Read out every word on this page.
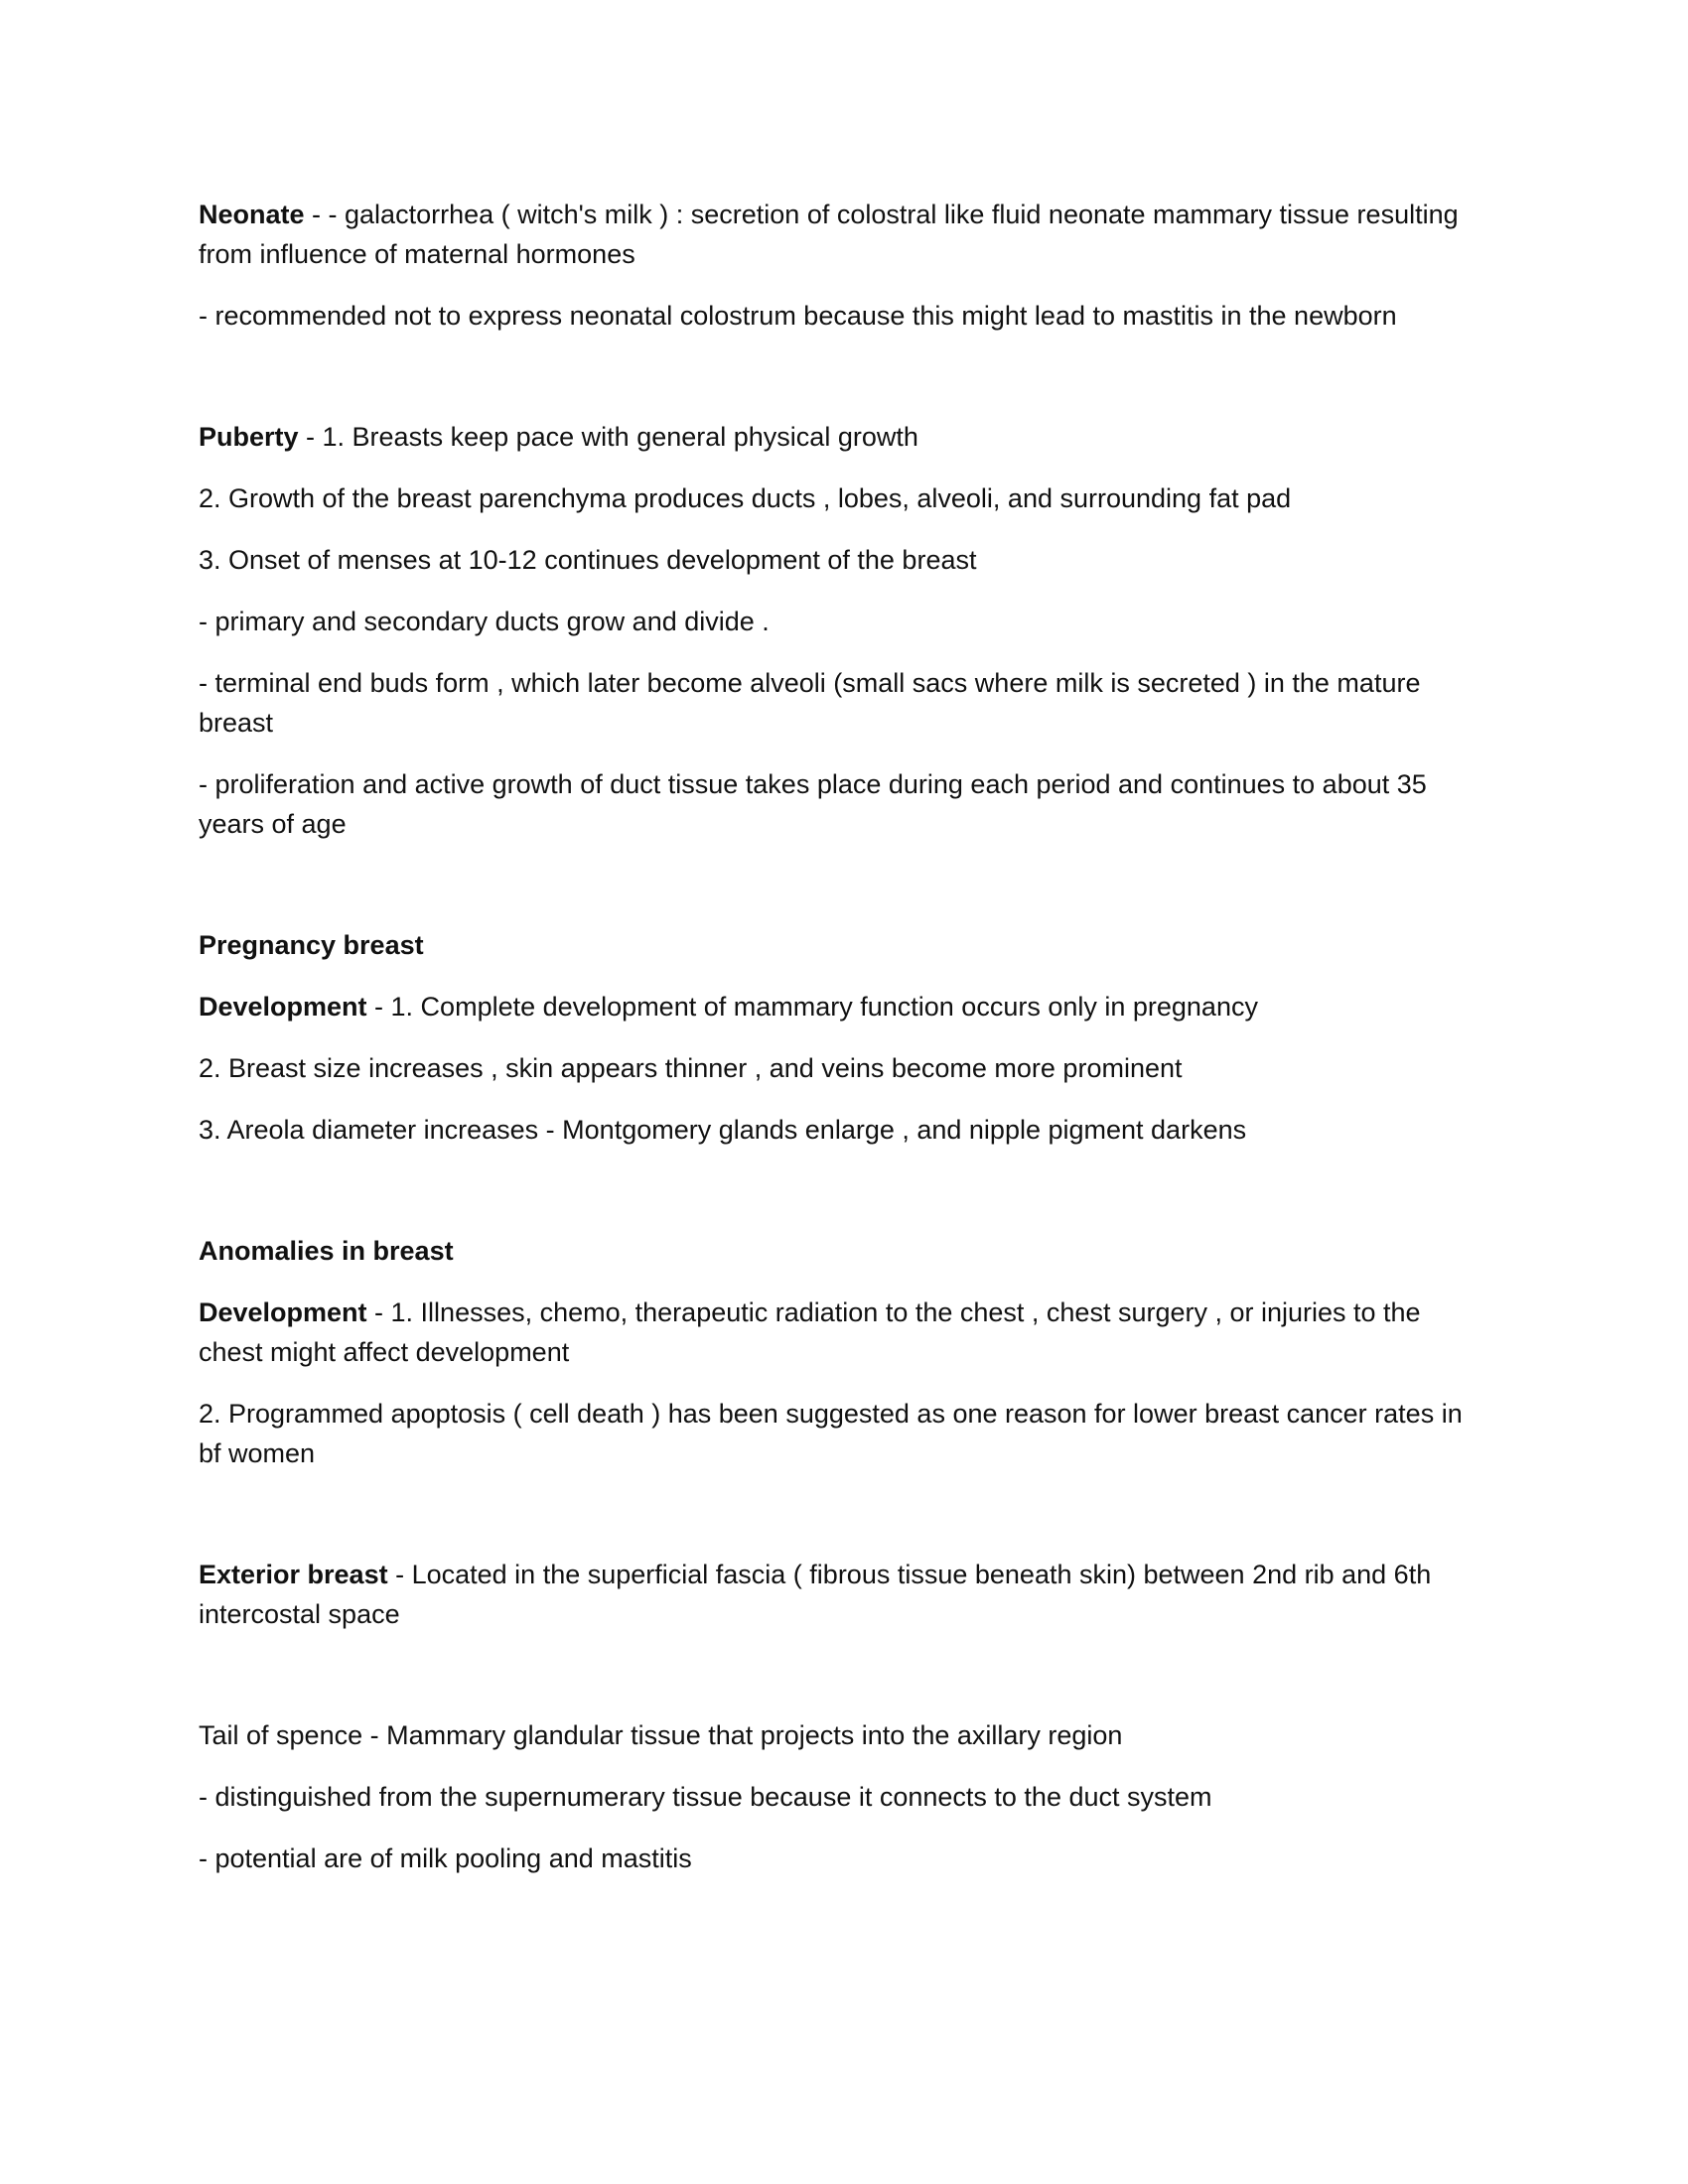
Neonate - - galactorrhea ( witch's milk ) : secretion of colostral like fluid neonate mammary tissue resulting from influence of maternal hormones

- recommended not to express neonatal colostrum because this might lead to mastitis in the newborn

Puberty - 1. Breasts keep pace with general physical growth

2. Growth of the breast parenchyma produces ducts , lobes, alveoli, and surrounding fat pad

3. Onset of menses at 10-12 continues development of the breast

- primary and secondary ducts grow and divide .

- terminal end buds form , which later become alveoli (small sacs where milk is secreted ) in the mature breast

- proliferation and active growth of duct tissue takes place during each period and continues to about 35 years of age

Pregnancy breast

Development - 1. Complete development of mammary function occurs only in pregnancy

2. Breast size increases , skin appears thinner , and veins become more prominent

3. Areola diameter increases - Montgomery glands enlarge , and nipple pigment darkens

Anomalies in breast

Development - 1. Illnesses, chemo, therapeutic radiation to the chest , chest surgery , or injuries to the chest might affect development

2. Programmed apoptosis ( cell death ) has been suggested as one reason for lower breast cancer rates in bf women

Exterior breast - Located in the superficial fascia ( fibrous tissue beneath skin) between 2nd rib and 6th intercostal space

Tail of spence - Mammary glandular tissue that projects into the axillary region

- distinguished from the supernumerary tissue because it connects to the duct system

- potential are of milk pooling and mastitis
